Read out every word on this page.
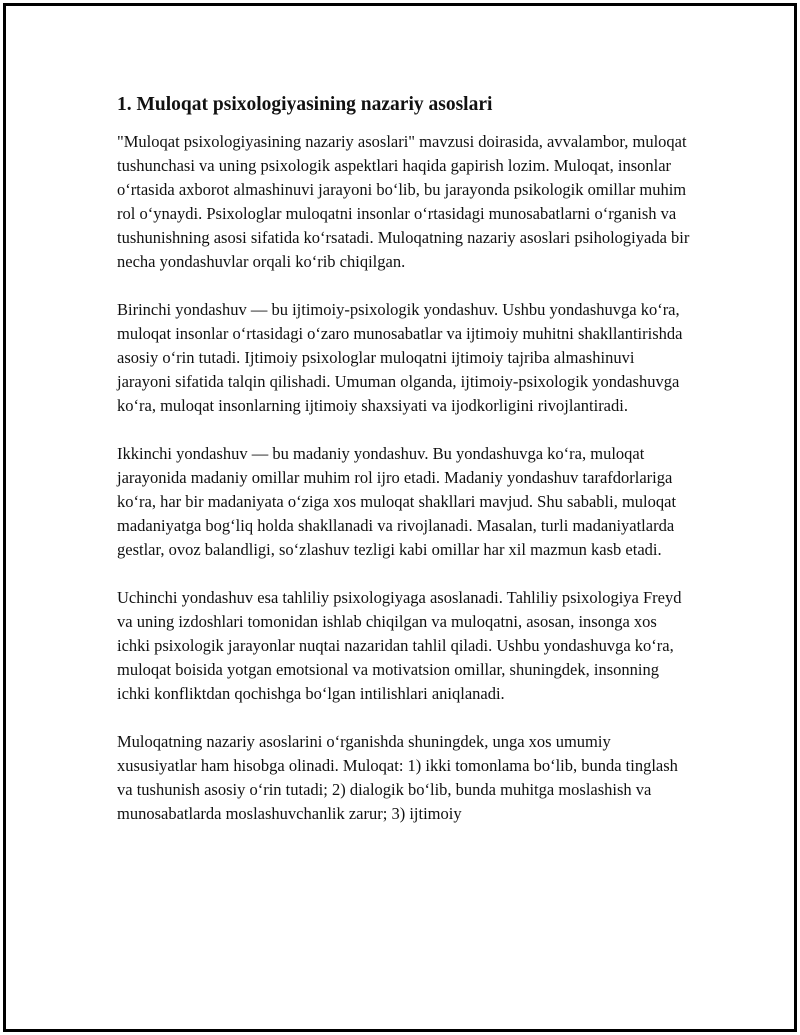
1. Muloqat psixologiyasining nazariy asoslari

"Muloqat psixologiyasining nazariy asoslari" mavzusi doirasida, avvalambor, muloqat tushunchasi va uning psixologik aspektlari haqida gapirish lozim. Muloqat, insonlar o‘rtasida axborot almashinuvi jarayoni bo‘lib, bu jarayonda psikologik omillar muhim rol o‘ynaydi. Psixologlar muloqatni insonlar o‘rtasidagi munosabatlarni o‘rganish va tushunishning asosi sifatida ko‘rsatadi. Muloqatning nazariy asoslari psihologiyada bir necha yondashuvlar orqali ko‘rib chiqilgan.

Birinchi yondashuv — bu ijtimoiy-psixologik yondashuv. Ushbu yondashuvga ko‘ra, muloqat insonlar o‘rtasidagi o‘zaro munosabatlar va ijtimoiy muhitni shakllantirishda asosiy o‘rin tutadi. Ijtimoiy psixologlar muloqatni ijtimoiy tajriba almashinuvi jarayoni sifatida talqin qilishadi. Umuman olganda, ijtimoiy-psixologik yondashuvga ko‘ra, muloqat insonlarning ijtimoiy shaxsiyati va ijodkorligini rivojlantiradi.

Ikkinchi yondashuv — bu madaniy yondashuv. Bu yondashuvga ko‘ra, muloqat jarayonida madaniy omillar muhim rol ijro etadi. Madaniy yondashuv tarafdorlariga ko‘ra, har bir madaniyata o‘ziga xos muloqat shakllari mavjud. Shu sababli, muloqat madaniyatga bog‘liq holda shakllanadi va rivojlanadi. Masalan, turli madaniyatlarda gestlar, ovoz balandligi, so‘zlashuv tezligi kabi omillar har xil mazmun kasb etadi.

Uchinchi yondashuv esa tahliliy psixologiyaga asoslanadi. Tahliliy psixologiya Freyd va uning izdoshlari tomonidan ishlab chiqilgan va muloqatni, asosan, insonga xos ichki psixologik jarayonlar nuqtai nazaridan tahlil qiladi. Ushbu yondashuvga ko‘ra, muloqat boisida yotgan emotsional va motivatsion omillar, shuningdek, insonning ichki konfliktdan qochishga bo‘lgan intilishlari aniqlanadi.

Muloqatning nazariy asoslarini o‘rganishda shuningdek, unga xos umumiy xususiyatlar ham hisobga olinadi. Muloqat: 1) ikki tomonlama bo‘lib, bunda tinglash va tushunish asosiy o‘rin tutadi; 2) dialogik bo‘lib, bunda muhitga moslashish va munosabatlarda moslashuvchanlik zarur; 3) ijtimoiy
